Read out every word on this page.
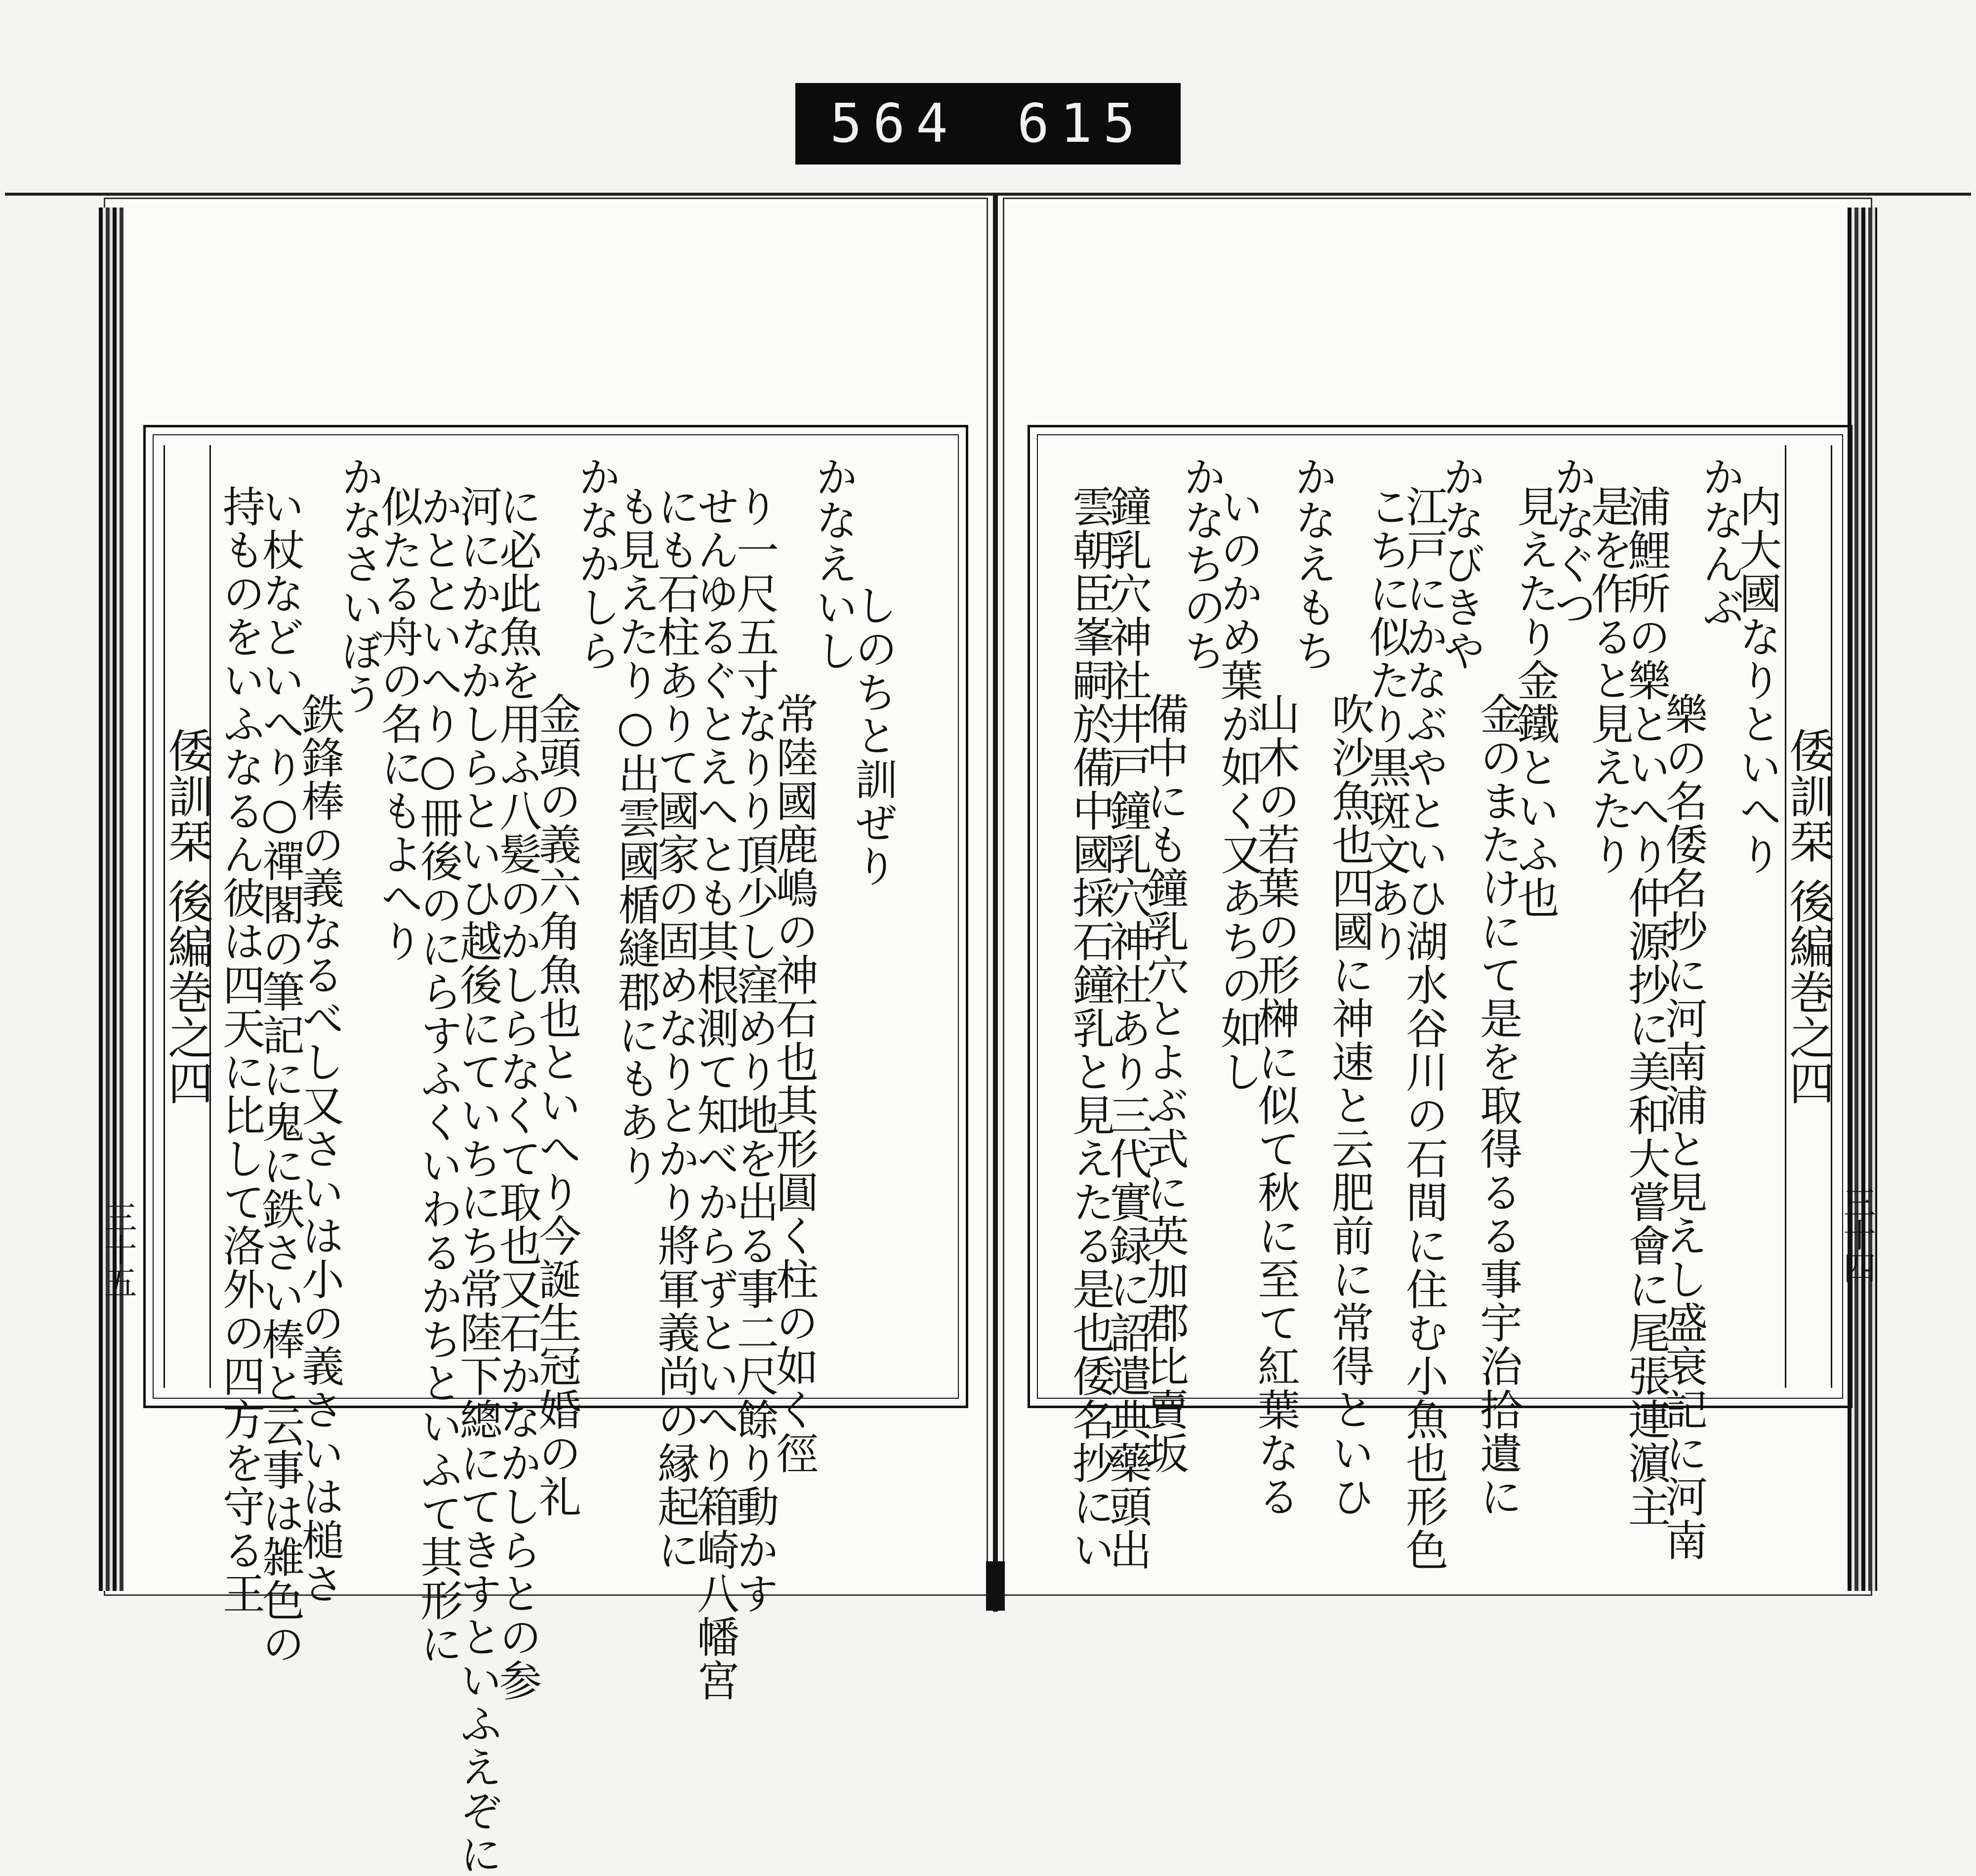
564 615
三十五
倭訓栞 後編巻之四	しのちと訓ぜり
かなえいし
常陸國鹿嶋の神石也其形圓く柱の如く徑
り一尺五寸なりり頂少し窪めり地を出る事二尺餘り動かす
せんゆるぐとえへとも其根測て知べからずといへり箱崎八幡宮
にも石柱ありて國家の固めなりとかり將軍義尚の縁起に
も見えたり○出雲國楯縫郡にもあり
かなかしら
金頭の義六角魚也といへり今誕生冠婚の礼
に必此魚を用ふ八髪のかしらなくて取也又石かなかしらとの参
河にかなかしらといひ越後にていちにち常陸下總にてきすといふえぞに
かとといへり○冊後のにらすふくいわるかちといふて其形に
似たる舟の名にもよへり
かなさいぼう
鉄鋒棒の義なるべし又さいは小の義さいは槌さ
い杖などいへり○禪閣の筆記に鬼に鉄さい棒と云事は雑色の
持ものをいふなるん彼は四天に比して洛外の四方を守る王	三十四
倭訓栞 後編巻之四
内大國なりといへり
かなんぶ
樂の名倭名抄に河南浦と見えし盛衰記に河南
浦鯉所の樂といへり仲源抄に美和大嘗會に尾張連濵主
是を作ると見えたり
かなぐつ
見えたり金鐵といふ也
金のまたけにて是を取得るる事宇治拾遺に
かなびきや
江戸にかなぶやといひ湖水谷川の石間に住む小魚也形色
こちに似たり黒斑文あり
吹沙魚也四國に神速と云肥前に常得といひ
かなえもち
山木の若葉の形榊に似て秋に至て紅葉なる
いのかめ葉が如く又あちの如し
かなちのち
備中にも鐘乳穴とよぶ式に英加郡比賣坂
鐘乳穴神社井戸鐘乳穴神社あり三代實録に詔遣典藥頭出
雲朝臣峯嗣於備中國採石鐘乳と見えたる是也倭名抄にい
